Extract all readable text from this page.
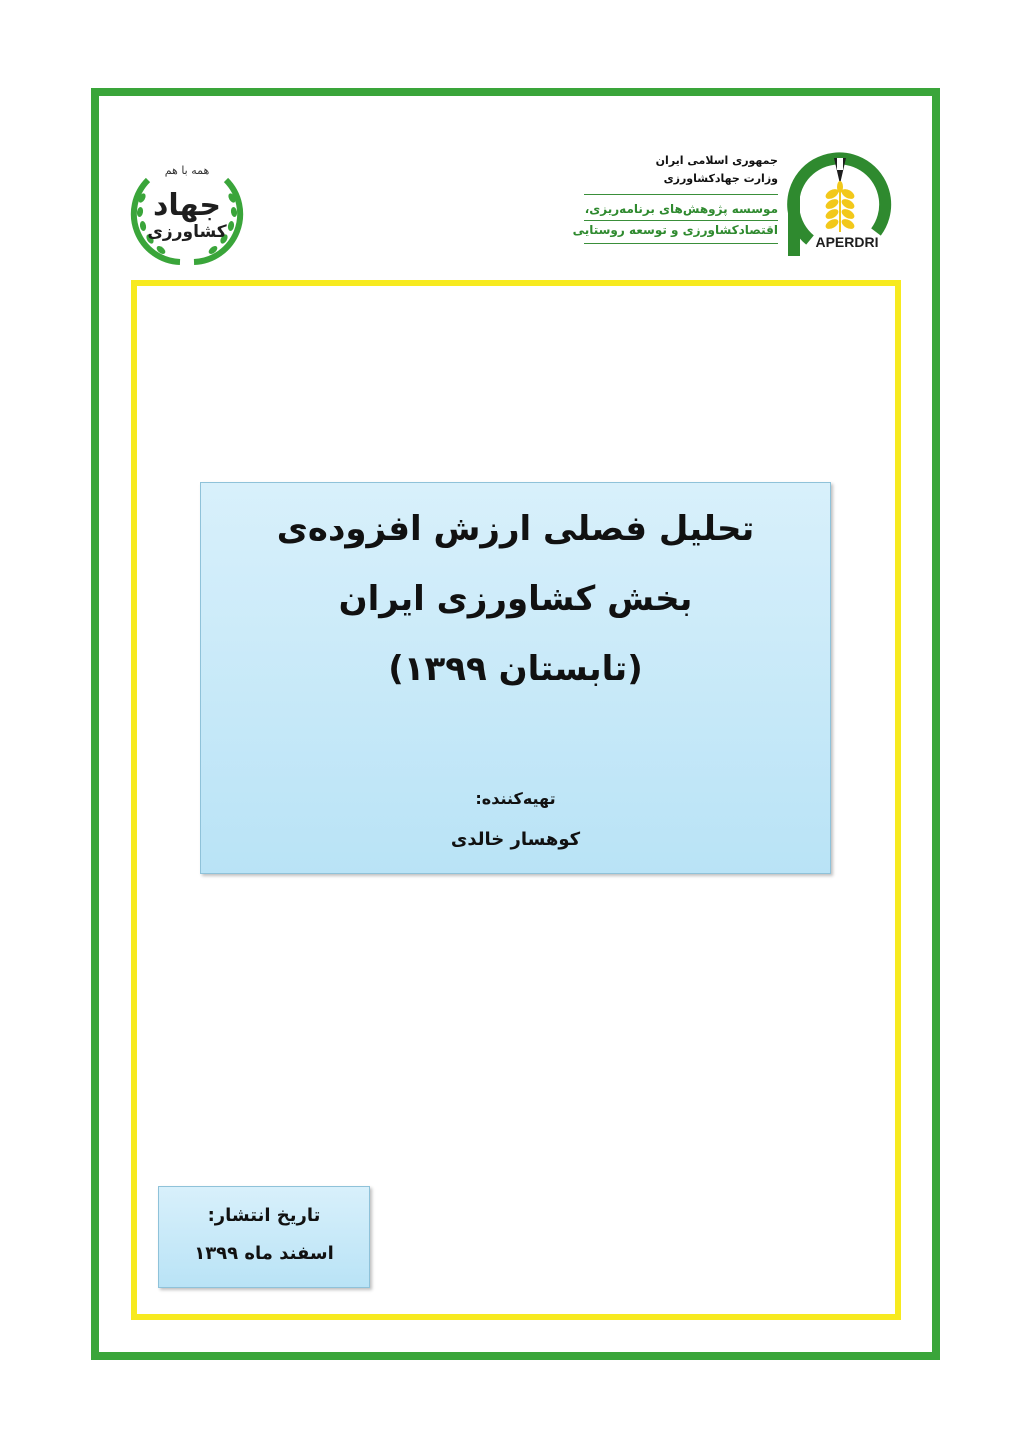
همه با هم
جهاد
کشاورزی
جمهوری اسلامی ایران
وزارت جهادکشاورزی
موسسه پژوهش‌های برنامه‌ریزی،
اقتصادکشاورزی و توسعه روستایی
APERDRI
تحلیل فصلی ارزش افزوده‌ی
بخش کشاورزی ایران
(تابستان ۱۳۹۹)
تهیه‌کننده:
کوهسار خالدی
تاریخ انتشار:
اسفند ماه ۱۳۹۹
